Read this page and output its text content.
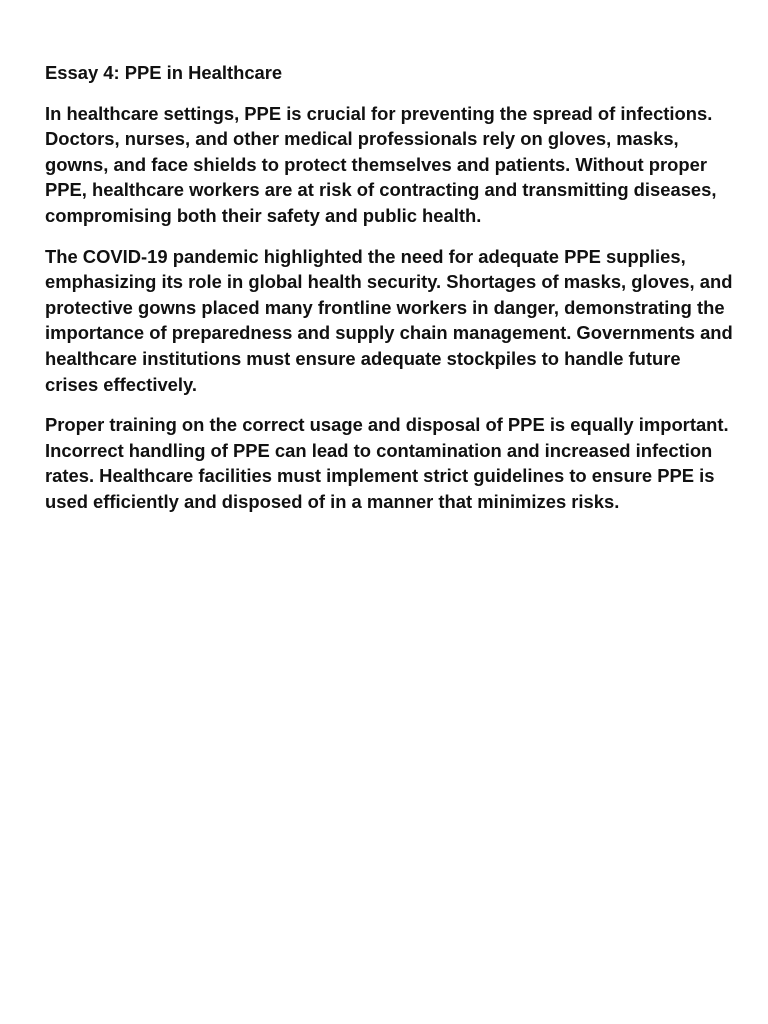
Essay 4: PPE in Healthcare

In healthcare settings, PPE is crucial for preventing the spread of infections. Doctors, nurses, and other medical professionals rely on gloves, masks, gowns, and face shields to protect themselves and patients. Without proper PPE, healthcare workers are at risk of contracting and transmitting diseases, compromising both their safety and public health.

The COVID-19 pandemic highlighted the need for adequate PPE supplies, emphasizing its role in global health security. Shortages of masks, gloves, and protective gowns placed many frontline workers in danger, demonstrating the importance of preparedness and supply chain management. Governments and healthcare institutions must ensure adequate stockpiles to handle future crises effectively.

Proper training on the correct usage and disposal of PPE is equally important. Incorrect handling of PPE can lead to contamination and increased infection rates. Healthcare facilities must implement strict guidelines to ensure PPE is used efficiently and disposed of in a manner that minimizes risks.
